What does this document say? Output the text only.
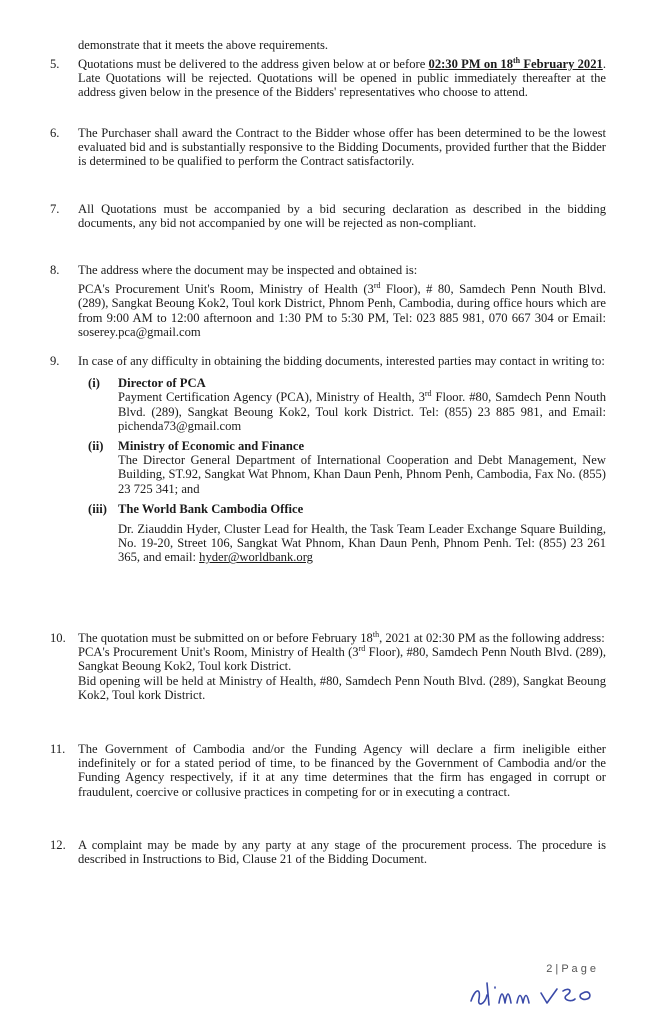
demonstrate that it meets the above requirements.
5.	Quotations must be delivered to the address given below at or before 02:30 PM on 18th February 2021. Late Quotations will be rejected. Quotations will be opened in public immediately thereafter at the address given below in the presence of the Bidders' representatives who choose to attend.

6.	The Purchaser shall award the Contract to the Bidder whose offer has been determined to be the lowest evaluated bid and is substantially responsive to the Bidding Documents, provided further that the Bidder is determined to be qualified to perform the Contract satisfactorily.

7.	All Quotations must be accompanied by a bid securing declaration as described in the bidding documents, any bid not accompanied by one will be rejected as non-compliant.

8.	The address where the document may be inspected and obtained is:

PCA's Procurement Unit's Room, Ministry of Health (3rd Floor), # 80, Samdech Penn Nouth Blvd. (289), Sangkat Beoung Kok2, Toul kork District, Phnom Penh, Cambodia, during office hours which are from 9:00 AM to 12:00 afternoon and 1:30 PM to 5:30 PM, Tel: 023 885 981, 070 667 304 or Email: soserey.pca@gmail.com

9.	In case of any difficulty in obtaining the bidding documents, interested parties may contact in writing to:

(i) Director of PCA

Payment Certification Agency (PCA), Ministry of Health, 3rd Floor. #80, Samdech Penn Nouth Blvd. (289), Sangkat Beoung Kok2, Toul kork District. Tel: (855) 23 885 981, and Email: pichenda73@gmail.com

(ii) Ministry of Economic and Finance

The Director General Department of International Cooperation and Debt Management, New Building, ST.92, Sangkat Wat Phnom, Khan Daun Penh, Phnom Penh, Cambodia, Fax No. (855) 23 725 341; and

(iii) The World Bank Cambodia Office

Dr. Ziauddin Hyder, Cluster Lead for Health, the Task Team Leader Exchange Square Building, No. 19-20, Street 106, Sangkat Wat Phnom, Khan Daun Penh, Phnom Penh. Tel: (855) 23 261 365, and email: hyder@worldbank.org

10. The quotation must be submitted on or before February 18th, 2021 at 02:30 PM as the following address:

PCA's Procurement Unit's Room, Ministry of Health (3rd Floor), #80, Samdech Penn Nouth Blvd. (289), Sangkat Beoung Kok2, Toul kork District.

Bid opening will be held at Ministry of Health, #80, Samdech Penn Nouth Blvd. (289), Sangkat Beoung Kok2, Toul kork District.

11.	The Government of Cambodia and/or the Funding Agency will declare a firm ineligible either indefinitely or for a stated period of time, to be financed by the Government of Cambodia and/or the Funding Agency respectively, if it at any time determines that the firm has engaged in corrupt or fraudulent, coercive or collusive practices in competing for or in executing a contract.

12. A complaint may be made by any party at any stage of the procurement process. The procedure is described in Instructions to Bid, Clause 21 of the Bidding Document.

2 | P a g e
